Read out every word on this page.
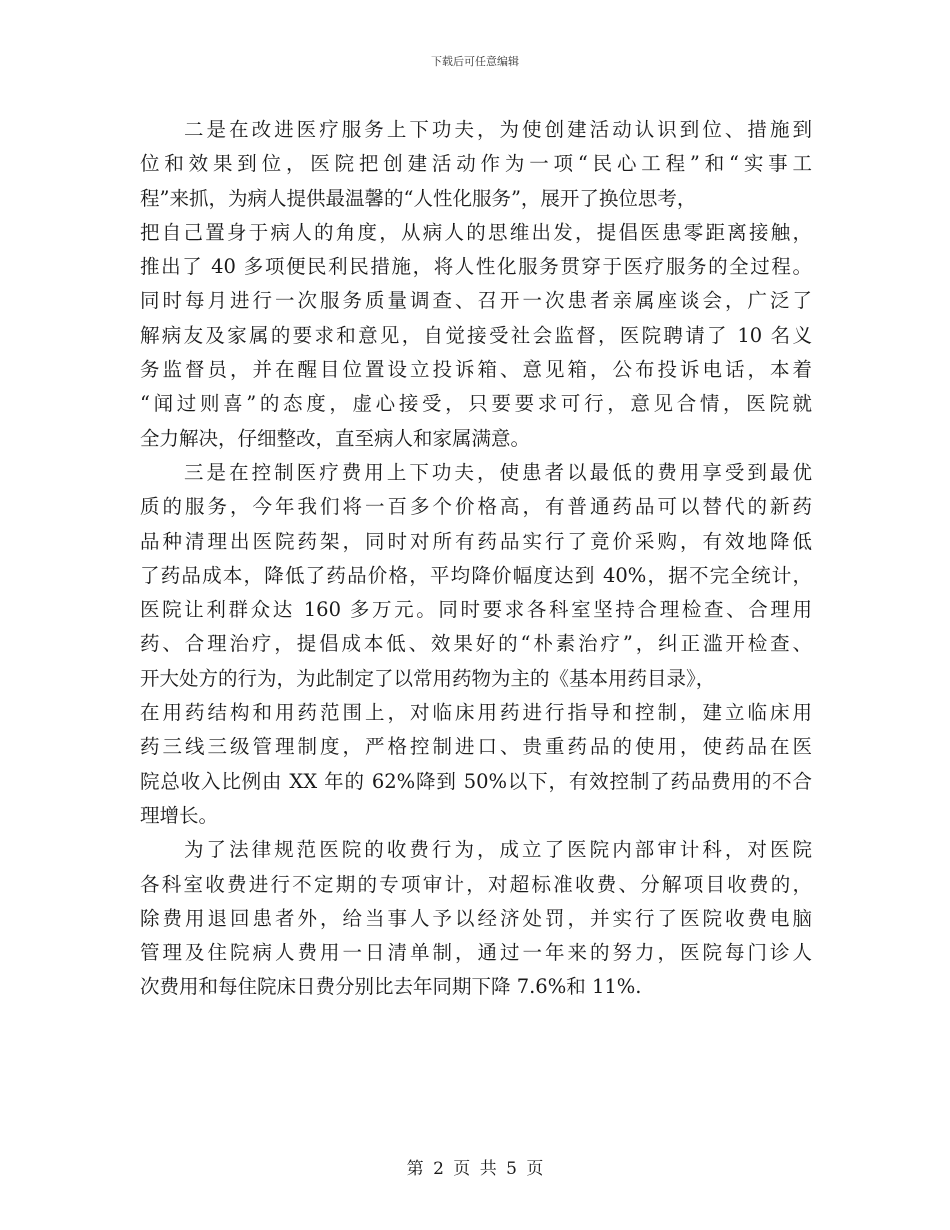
下载后可任意编辑
二是在改进医疗服务上下功夫，为使创建活动认识到位、措施到
位和效果到位，医院把创建活动作为一项“民心工程”和“实事工
程”来抓，为病人提供最温馨的“人性化服务”，展开了换位思考，
把自己置身于病人的角度，从病人的思维出发，提倡医患零距离接触，
推出了 40 多项便民利民措施，将人性化服务贯穿于医疗服务的全过程。
同时每月进行一次服务质量调查、召开一次患者亲属座谈会，广泛了
解病友及家属的要求和意见，自觉接受社会监督，医院聘请了 10 名义
务监督员，并在醒目位置设立投诉箱、意见箱，公布投诉电话，本着
“闻过则喜”的态度，虚心接受，只要要求可行，意见合情，医院就
全力解决，仔细整改，直至病人和家属满意。
三是在控制医疗费用上下功夫，使患者以最低的费用享受到最优
质的服务，今年我们将一百多个价格高，有普通药品可以替代的新药
品种清理出医院药架，同时对所有药品实行了竟价采购，有效地降低
了药品成本，降低了药品价格，平均降价幅度达到 40%，据不完全统计，
医院让利群众达 160 多万元。同时要求各科室坚持合理检查、合理用
药、合理治疗，提倡成本低、效果好的“朴素治疗”，纠正滥开检查、
开大处方的行为，为此制定了以常用药物为主的《基本用药目录》，
在用药结构和用药范围上，对临床用药进行指导和控制，建立临床用
药三线三级管理制度，严格控制进口、贵重药品的使用，使药品在医
院总收入比例由 XX 年的 62%降到 50%以下，有效控制了药品费用的不合
理增长。
为了法律规范医院的收费行为，成立了医院内部审计科，对医院
各科室收费进行不定期的专项审计，对超标准收费、分解项目收费的，
除费用退回患者外，给当事人予以经济处罚，并实行了医院收费电脑
管理及住院病人费用一日清单制，通过一年来的努力，医院每门诊人
次费用和每住院床日费分别比去年同期下降 7.6%和 11%.
第 2 页 共 5 页
